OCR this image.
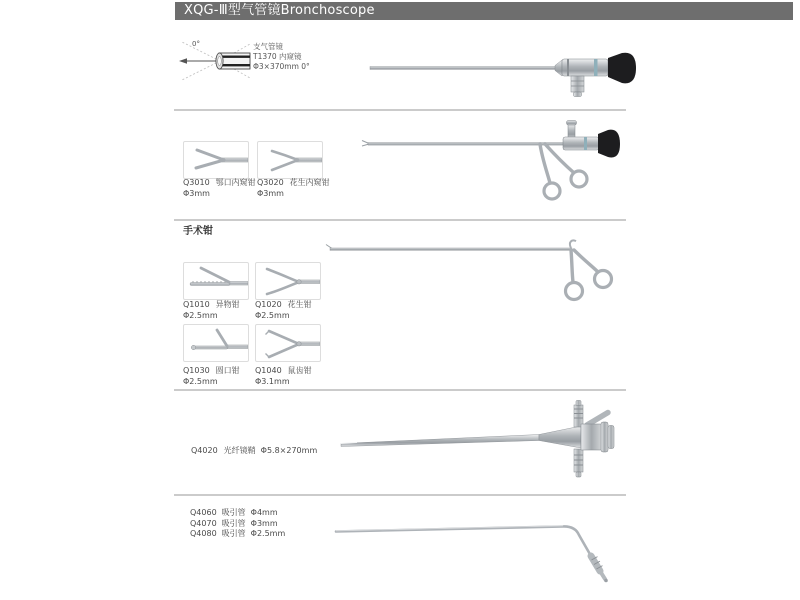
XQG-Ⅲ型气管镜Bronchoscope
0°	支气管镜
T1370 内窥镜
Φ3×370mm 0°
Q3010 鄂口内窥钳
Φ3mm
Q3020 花生内窥钳
Φ3mm
手术钳
Q1010 异物钳
Φ2.5mm
Q1020 花生钳
Φ2.5mm
Q1030 圆口钳
Φ2.5mm
Q1040 鼠齿钳
Φ3.1mm
Q4020 光纤镜鞘 Φ5.8×270mm
Q4060 吸引管 Φ4mm
Q4070 吸引管 Φ3mm
Q4080 吸引管 Φ2.5mm
